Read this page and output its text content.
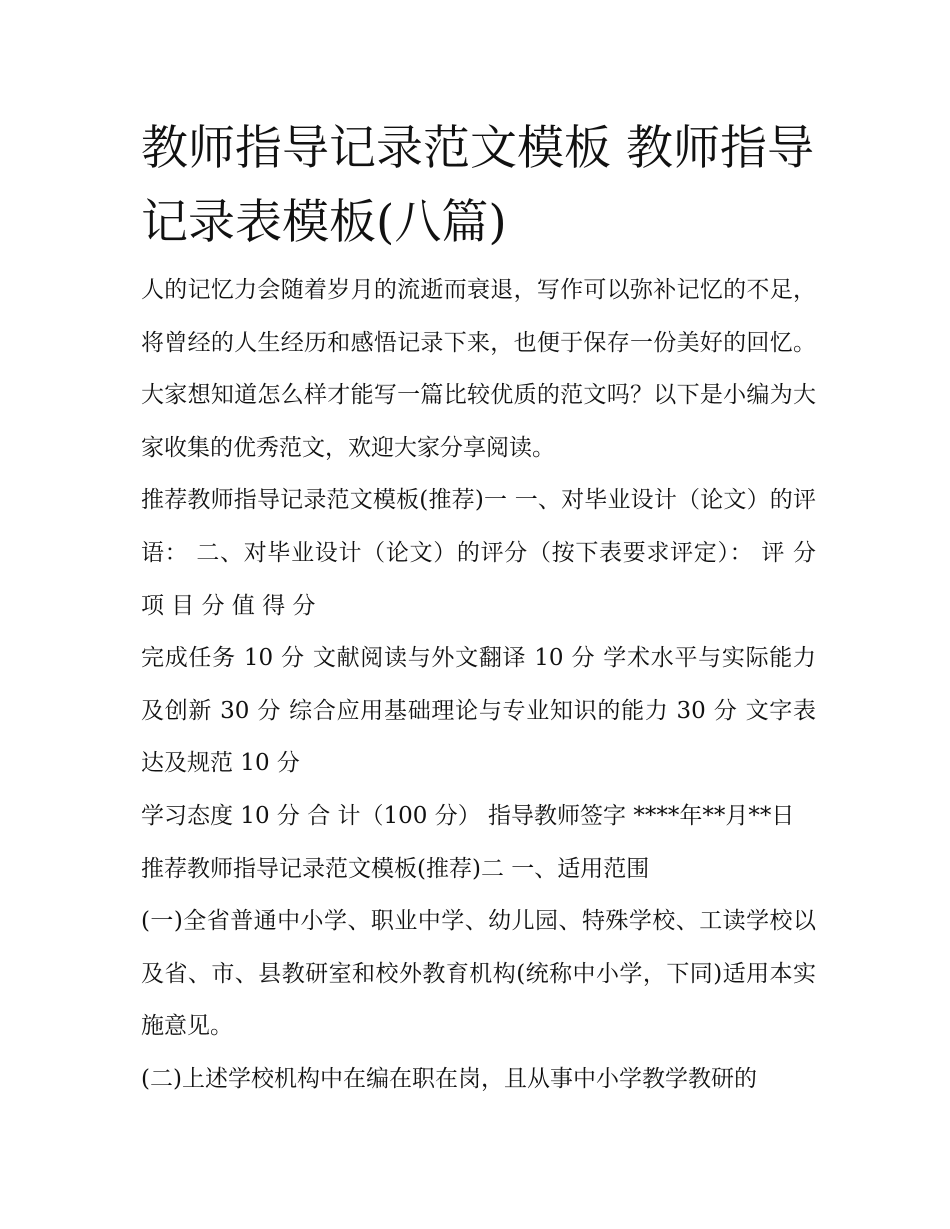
教师指导记录范文模板 教师指导记录表模板(八篇)

人的记忆力会随着岁月的流逝而衰退，写作可以弥补记忆的不足，将曾经的人生经历和感悟记录下来，也便于保存一份美好的回忆。大家想知道怎么样才能写一篇比较优质的范文吗？以下是小编为大家收集的优秀范文，欢迎大家分享阅读。

推荐教师指导记录范文模板(推荐)一 一、对毕业设计（论文）的评语： 二、对毕业设计（论文）的评分（按下表要求评定）： 评 分 项 目 分 值 得 分

完成任务 10 分 文献阅读与外文翻译 10 分 学术水平与实际能力及创新 30 分 综合应用基础理论与专业知识的能力 30 分 文字表达及规范 10 分

学习态度 10 分 合 计（100 分） 指导教师签字 ****年**月**日

推荐教师指导记录范文模板(推荐)二 一、适用范围

(一)全省普通中小学、职业中学、幼儿园、特殊学校、工读学校以及省、市、县教研室和校外教育机构(统称中小学，下同)适用本实施意见。

(二)上述学校机构中在编在职在岗，且从事中小学教学教研的
